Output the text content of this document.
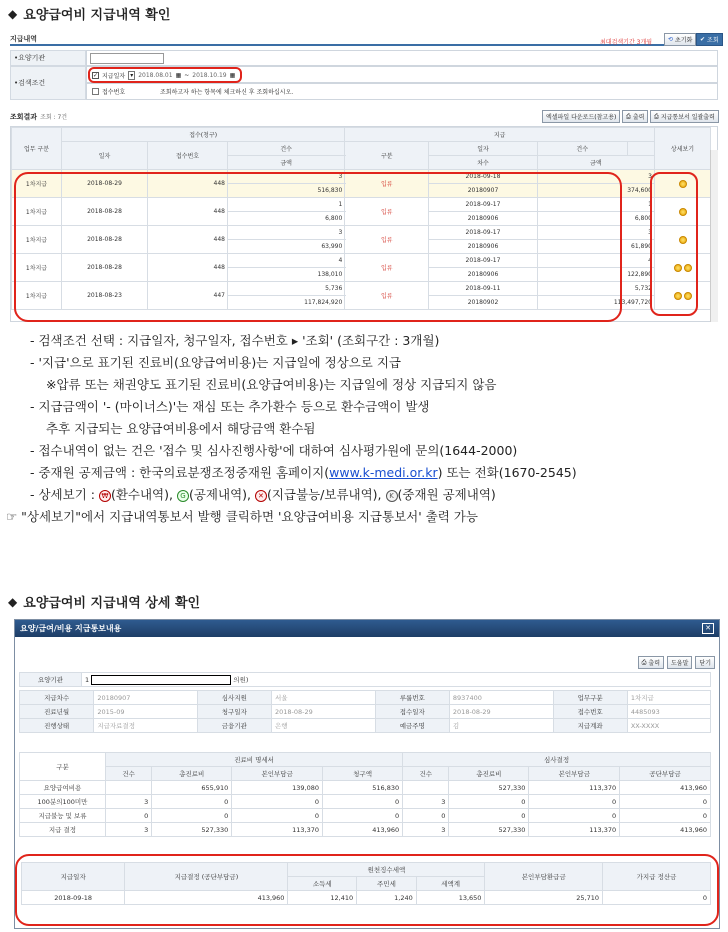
◆ 요양급여비 지급내역 확인
지급내역	최대검색기간 3개월	⟲ 초기화 ✔ 조회
•요양기관
•검색조건
✓ 지급일자 ▾ 2018.08.01 ▦ ~ 2018.10.19 ▦
접수번호	조회하고자 하는 항목에 체크하신 후 조회하십시오.
조회결과 조회 : 7건	엑셀파일 다운로드(참고용) ⎙ 출력 ⎙ 지급통보서 일괄출력
업무 구분	접수(청구)			지급				상세보기
	일자	접수번호	건수	구분	일자	건수		
			금액		차수	금액		
1차지급	2018-08-29	448	3	입류	2018-09-18	3		
			516,830		20180907	374,600		
1차지급	2018-08-28	448	1	입류	2018-09-17	1		
			6,800		20180906	6,800		
1차지급	2018-08-28	448	3	입류	2018-09-17	3		
			63,990		20180906	61,890		
1차지급	2018-08-28	448	4	입류	2018-09-17	4		
			138,010		20180906	122,890		
1차지급	2018-08-23	447	5,736	입류	2018-09-11	5,732		
			117,824,920		20180902	113,497,720		
- 검색조건 선택 : 지급일자, 청구일자, 접수번호 ▸ '조회' (조회구간 : 3개월)
- '지급'으로 표기된 진료비(요양급여비용)는 지급일에 정상으로 지급
※압류 또는 채권양도 표기된 진료비(요양급여비용)는 지급일에 정상 지급되지 않음
- 지급금액이 '- (마이너스)'는 재심 또는 추가환수 등으로 환수금액이 발생
추후 지급되는 요양급여비용에서 해당금액 환수됨
- 접수내역이 없는 건은 '접수 및 심사진행사항'에 대하여 심사평가원에 문의(1644-2000)
- 중재원 공제금액 : 한국의료분쟁조정중재원 홈페이지(www.k-medi.or.kr) 또는 전화(1670-2545)
- 상세보기 : ₩ (환수내역), G (공제내역), ✕ (지급불능/보류내역), K (중재원 공제내역)
☞ "상세보기"에서 지급내역통보서 발행 클릭하면 '요양급여비용 지급통보서' 출력 가능
◆ 요양급여비 지급내역 상세 확인
요양/급여/비용 지급통보내용	✕
⎙ 출력	도움말	닫기
요양기관	1	의원)
지급차수	20180907	심사지원	서울	루룹번호	8937400	업무구분	1차지급
진료년월	2015-09	청구일자	2018-08-29	접수일자	2018-08-29	접수번호	4485093
진행상태	지급자료결정	금융기관	은행	예금주명	김	지급계좌	XX-XXXX
구분	진료비 명세서				심사결정			
	건수	총진료비	본인부담금	청구액	건수	총진료비	본인부담금	공단부담금
요양급여비용		655,910	139,080	516,830		527,330	113,370	413,960
100분의100미만	3	0	0	0	3	0	0	0
지급불능 및 보류	0	0	0	0	0	0	0	0
지급 결정	3	527,330	113,370	413,960	3	527,330	113,370	413,960
지급일자	지급결정 (공단부담금)	원천징수세액			본인부담환급금	가지급 정산금
		소득세	주민세	세액계		
2018-09-18	413,960	12,410	1,240	13,650	25,710	0
